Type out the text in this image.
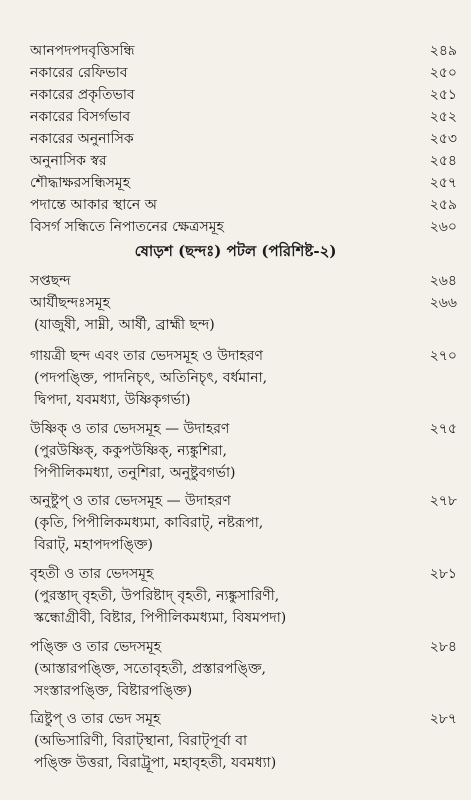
আনপদপদবৃত্তিসন্ধি	২৪৯
নকারের রেফিভাব	২৫০
নকারের প্রকৃতিভাব	২৫১
নকারের বিসর্গভাব	২৫২
নকারের অনুনাসিক	২৫৩
অনুনাসিক স্বর	২৫৪
শৌদ্ধাক্ষরসন্ধিসমূহ	২৫৭
পদান্তে আকার স্থানে অ	২৫৯
বিসর্গ সন্ধিতে নিপাতনের ক্ষেত্রসমূহ	২৬০
ষোড়শ (ছন্দঃ) পটল (পরিশিষ্ট-২)
সপ্তছন্দ	২৬৪
আর্যীছন্দঃসমূহ	২৬৬
(যাজুষী, সাম্নী, আর্ষী, ব্রাহ্মী ছন্দ)
গায়ত্রী ছন্দ এবং তার ভেদসমূহ ও উদাহরণ	২৭০
(পদপঙ্ক্তি, পাদনিচৃৎ, অতিনিচৃৎ, বর্ধমানা,
দ্বিপদা, যবমধ্যা, উষ্ণিকৃগর্ভা)
উষ্ণিক্ ও তার ভেদসমূহ — উদাহরণ	২৭৫
(পুরউষ্ণিক্, ককুপউষ্ণিক্, ন্যঙ্কুশিরা,
পিপীলিকমধ্যা, তনুশিরা, অনুষ্টুবগর্ভা)
অনুষ্টুপ্ ও তার ভেদসমূহ — উদাহরণ	২৭৮
(কৃতি, পিপীলিকমধ্যমা, কাবিরাট্, নষ্টরূপা,
বিরাট্, মহাপদপঙ্ক্তি)
বৃহতী ও তার ভেদসমূহ	২৮১
(পুরস্তাদ্ বৃহতী, উপরিষ্টাদ্ বৃহতী, ন্যঙ্কুসারিণী,
স্কন্ধোগ্রীবী, বিষ্টার, পিপীলিকমধ্যমা, বিষমপদা)
পঙ্ক্তি ও তার ভেদসমূহ	২৮৪
(আস্তারপঙ্ক্তি, সতোবৃহতী, প্রস্তারপঙ্ক্তি,
সংস্তারপঙ্ক্তি, বিষ্টারপঙ্ক্তি)
ত্রিষ্টুপ্ ও তার ভেদ সমূহ	২৮৭
(অভিসারিণী, বিরাট্স্থানা, বিরাট্পূর্বা বা
পঙ্ক্তি উত্তরা, বিরাট্রূপা, মহাবৃহতী, যবমধ্যা)
